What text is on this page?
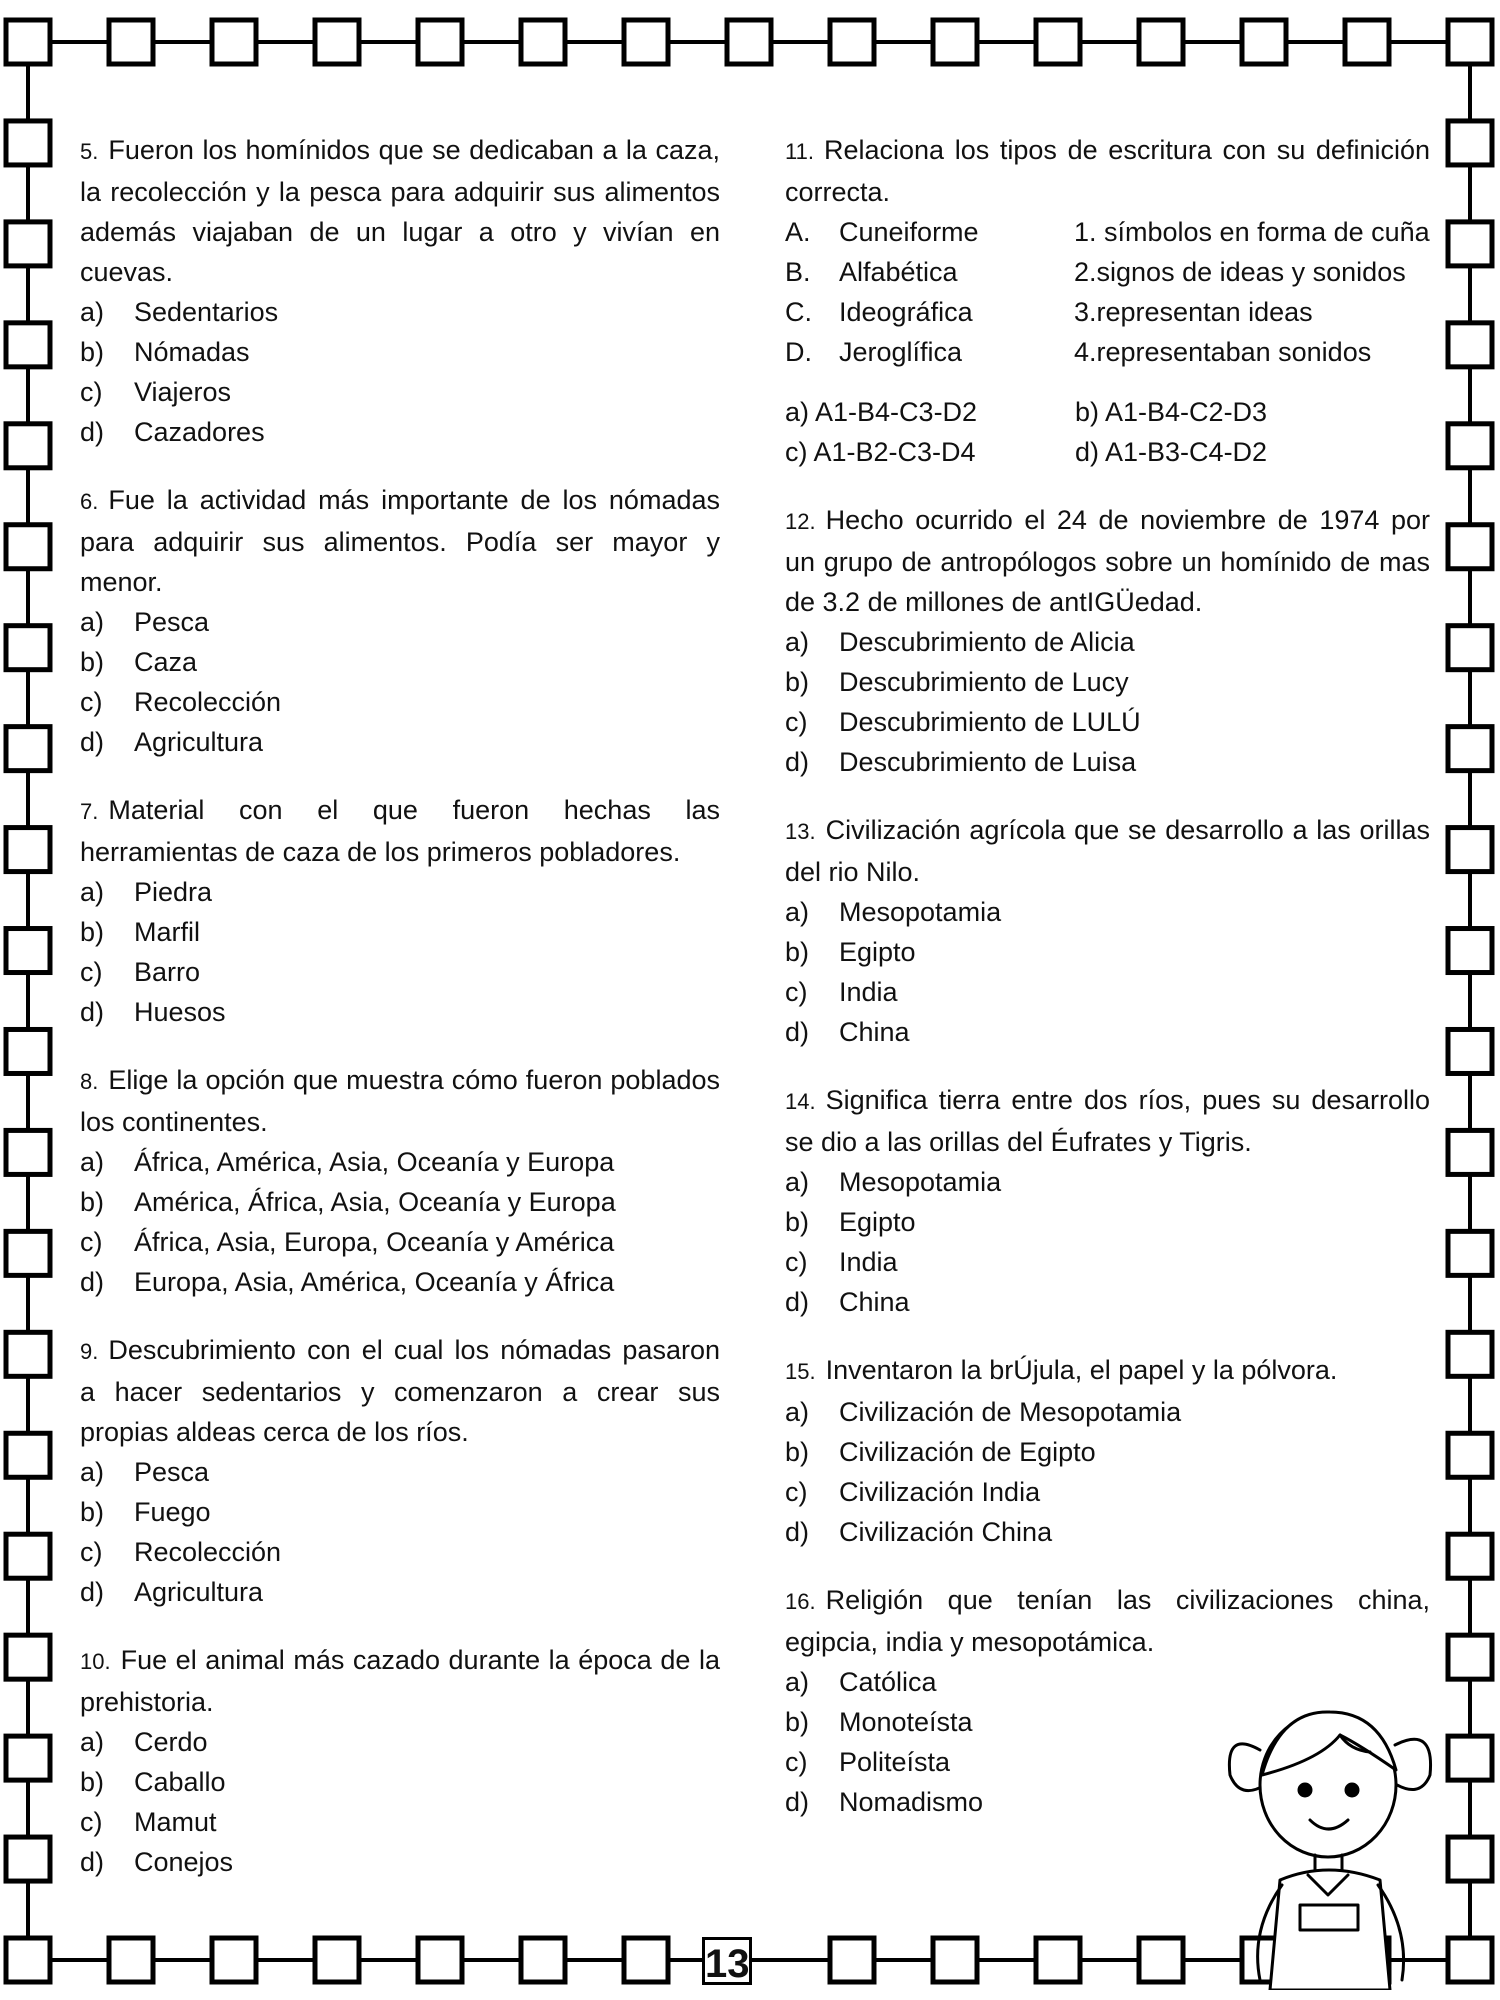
5. Fueron los homínidos que se dedicaban a la caza, la recolección y la pesca para adquirir sus alimentos además viajaban de un lugar a otro y vivían en cuevas.

a)	Sedentarios
b)	Nómadas
c)	Viajeros
d)	Cazadores

6. Fue la actividad más importante de los nómadas para adquirir sus alimentos. Podía ser mayor y menor.

a)	Pesca
b)	Caza
c)	Recolección
d)	Agricultura

7. Material con el que fueron hechas las herramientas de caza de los primeros pobladores.

a)	Piedra
b)	Marfil
c)	Barro
d)	Huesos

8. Elige la opción que muestra cómo fueron poblados los continentes.

a)	África, América, Asia, Oceanía y Europa
b)	América, África, Asia, Oceanía y Europa
c)	África, Asia, Europa, Oceanía y América
d)	Europa, Asia, América, Oceanía y África

9. Descubrimiento con el cual los nómadas pasaron a hacer sedentarios y comenzaron a crear sus propias aldeas cerca de los ríos.

a)	Pesca
b)	Fuego
c)	Recolección
d)	Agricultura

10. Fue el animal más cazado durante la época de la prehistoria.

a)	Cerdo
b)	Caballo
c)	Mamut
d)	Conejos

11. Relaciona los tipos de escritura con su definición correcta.

A.	Cuneiforme	1. símbolos en forma de cuña
B.	Alfabética	2.signos de ideas y sonidos
C.	Ideográfica	3.representan ideas
D.	Jeroglífica	4.representaban sonidos
a) A1-B4-C3-D2	b) A1-B4-C2-D3
c) A1-B2-C3-D4	d) A1-B3-C4-D2

12. Hecho ocurrido el 24 de noviembre de 1974 por un grupo de antropólogos sobre un homínido de mas de 3.2 de millones de antIGÜedad.

a)	Descubrimiento de Alicia
b)	Descubrimiento de Lucy
c)	Descubrimiento de LULÚ
d)	Descubrimiento de Luisa

13. Civilización agrícola que se desarrollo a las orillas del rio Nilo.

a)	Mesopotamia
b)	Egipto
c)	India
d)	China

14. Significa tierra entre dos ríos, pues su desarrollo se dio a las orillas del Éufrates y Tigris.

a)	Mesopotamia
b)	Egipto
c)	India
d)	China

15. Inventaron la brÚjula, el papel y la pólvora.

a)	Civilización de Mesopotamia
b)	Civilización de Egipto
c)	Civilización India
d)	Civilización China

16. Religión que tenían las civilizaciones china, egipcia, india y mesopotámica.

a)	Católica
b)	Monoteísta
c)	Politeísta
d)	Nomadismo
13
